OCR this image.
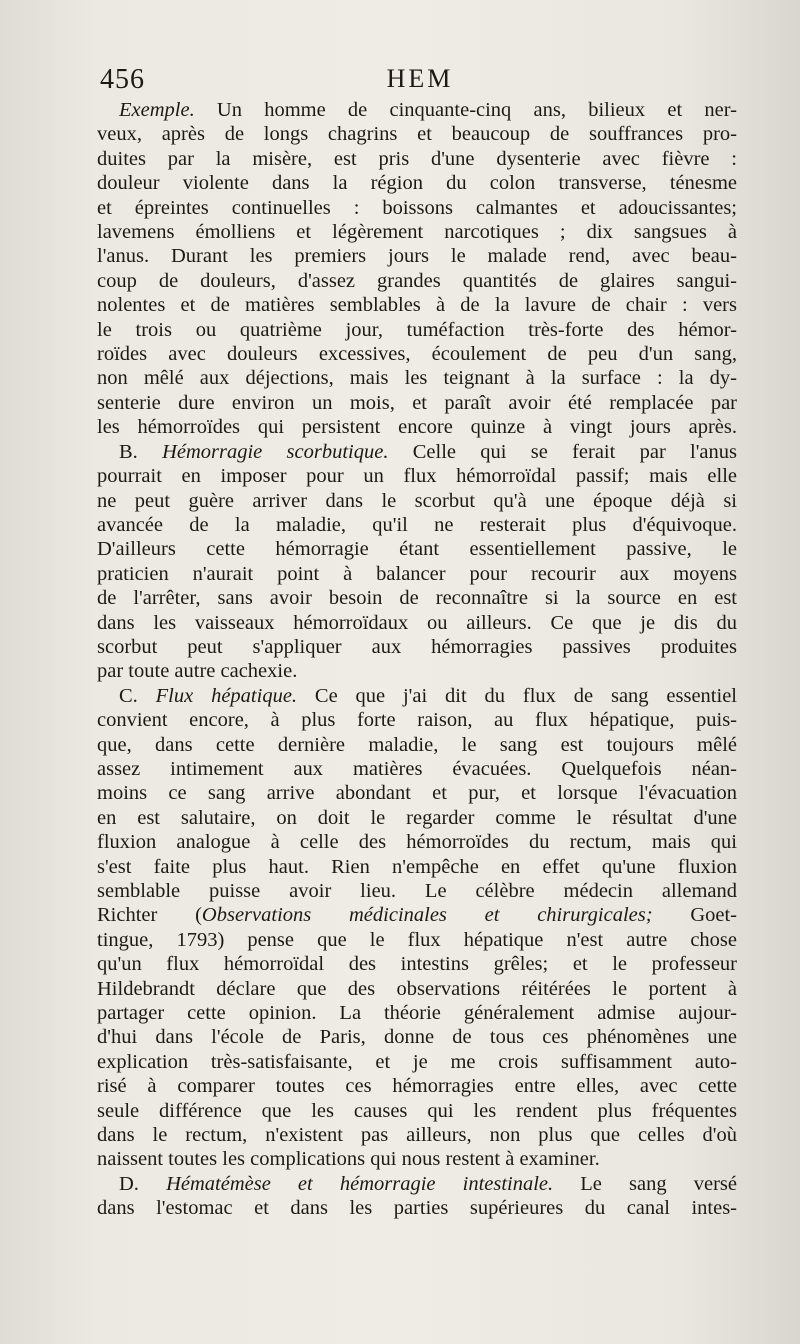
456	HEM

Exemple. Un homme de cinquante-cinq ans, bilieux et ner-

veux, après de longs chagrins et beaucoup de souffrances pro-

duites par la misère, est pris d'une dysenterie avec fièvre :

douleur violente dans la région du colon transverse, ténesme

et épreintes continuelles : boissons calmantes et adoucissantes;

lavemens émolliens et légèrement narcotiques ; dix sangsues à

l'anus. Durant les premiers jours le malade rend, avec beau-

coup de douleurs, d'assez grandes quantités de glaires sangui-

nolentes et de matières semblables à de la lavure de chair : vers

le trois ou quatrième jour, tuméfaction très-forte des hémor-

roïdes avec douleurs excessives, écoulement de peu d'un sang,

non mêlé aux déjections, mais les teignant à la surface : la dy-

senterie dure environ un mois, et paraît avoir été remplacée par

les hémorroïdes qui persistent encore quinze à vingt jours après.

B. Hémorragie scorbutique. Celle qui se ferait par l'anus

pourrait en imposer pour un flux hémorroïdal passif; mais elle

ne peut guère arriver dans le scorbut qu'à une époque déjà si

avancée de la maladie, qu'il ne resterait plus d'équivoque.

D'ailleurs cette hémorragie étant essentiellement passive, le

praticien n'aurait point à balancer pour recourir aux moyens

de l'arrêter, sans avoir besoin de reconnaître si la source en est

dans les vaisseaux hémorroïdaux ou ailleurs. Ce que je dis du

scorbut peut s'appliquer aux hémorragies passives produites

par toute autre cachexie.

C. Flux hépatique. Ce que j'ai dit du flux de sang essentiel

convient encore, à plus forte raison, au flux hépatique, puis-

que, dans cette dernière maladie, le sang est toujours mêlé

assez intimement aux matières évacuées. Quelquefois néan-

moins ce sang arrive abondant et pur, et lorsque l'évacuation

en est salutaire, on doit le regarder comme le résultat d'une

fluxion analogue à celle des hémorroïdes du rectum, mais qui

s'est faite plus haut. Rien n'empêche en effet qu'une fluxion

semblable puisse avoir lieu. Le célèbre médecin allemand

Richter (Observations médicinales et chirurgicales; Goet-

tingue, 1793) pense que le flux hépatique n'est autre chose

qu'un flux hémorroïdal des intestins grêles; et le professeur

Hildebrandt déclare que des observations réitérées le portent à

partager cette opinion. La théorie généralement admise aujour-

d'hui dans l'école de Paris, donne de tous ces phénomènes une

explication très-satisfaisante, et je me crois suffisamment auto-

risé à comparer toutes ces hémorragies entre elles, avec cette

seule différence que les causes qui les rendent plus fréquentes

dans le rectum, n'existent pas ailleurs, non plus que celles d'où

naissent toutes les complications qui nous restent à examiner.

D. Hématémèse et hémorragie intestinale. Le sang versé

dans l'estomac et dans les parties supérieures du canal intes-
